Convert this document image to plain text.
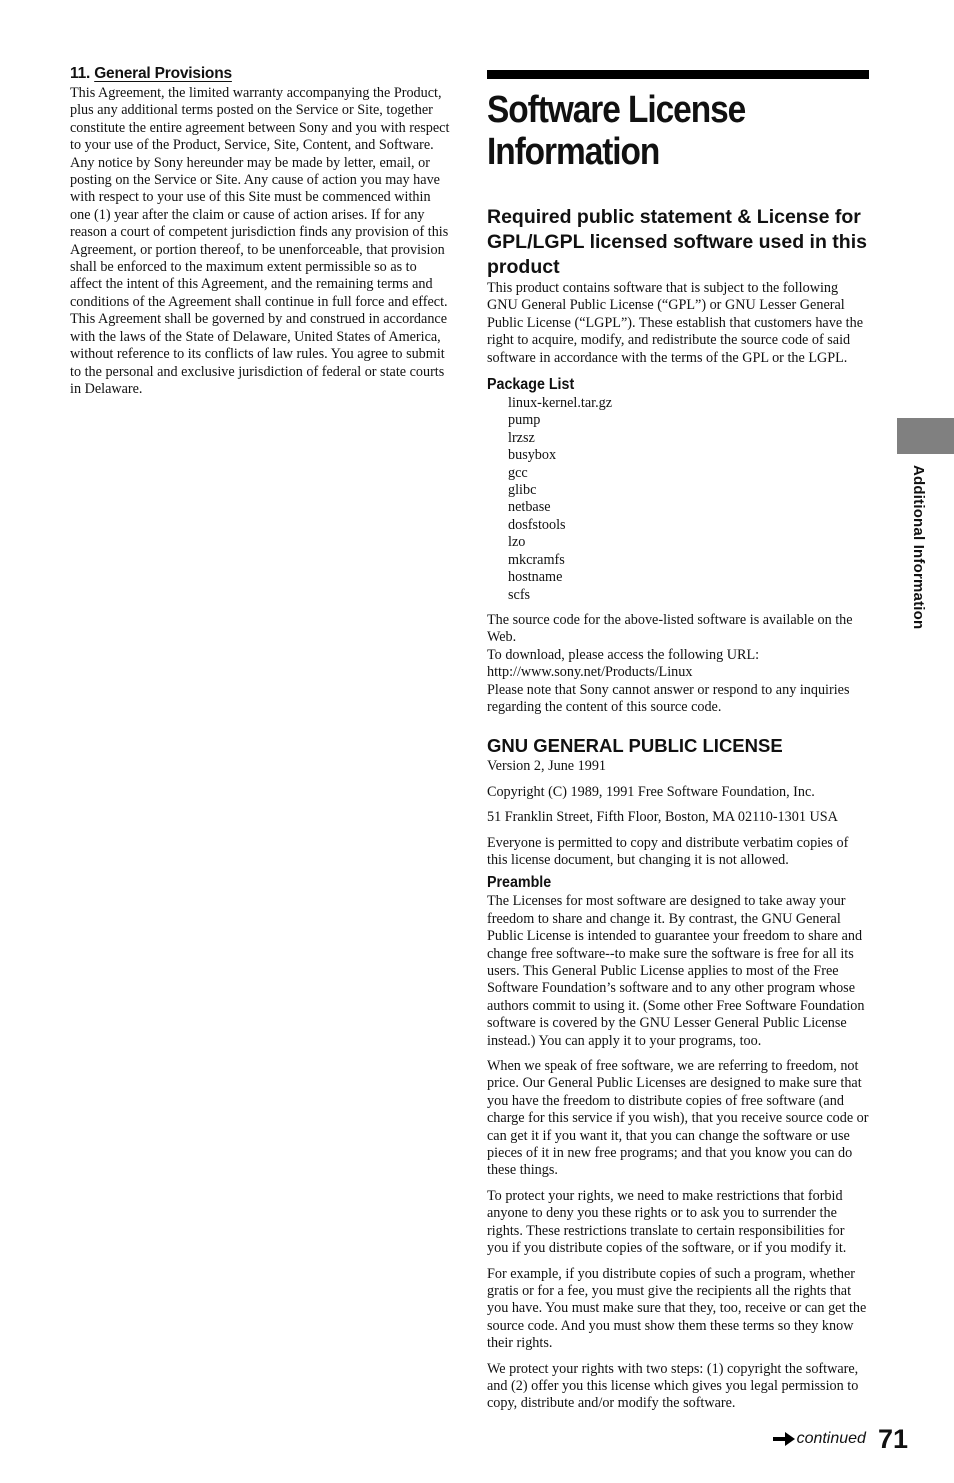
11. General Provisions

This Agreement, the limited warranty accompanying the Product, plus any additional terms posted on the Service or Site, together constitute the entire agreement between Sony and you with respect to your use of the Product, Service, Site, Content, and Software. Any notice by Sony hereunder may be made by letter, email, or posting on the Service or Site. Any cause of action you may have with respect to your use of this Site must be commenced within one (1) year after the claim or cause of action arises. If for any reason a court of competent jurisdiction finds any provision of this Agreement, or portion thereof, to be unenforceable, that provision shall be enforced to the maximum extent permissible so as to affect the intent of this Agreement, and the remaining terms and conditions of the Agreement shall continue in full force and effect. This Agreement shall be governed by and construed in accordance with the laws of the State of Delaware, United States of America, without reference to its conflicts of law rules. You agree to submit to the personal and exclusive jurisdiction of federal or state courts in Delaware.

Software License
Information
Required public statement & License for GPL/LGPL licensed software used in this product

This product contains software that is subject to the following GNU General Public License (“GPL”) or GNU Lesser General Public License (“LGPL”). These establish that customers have the right to acquire, modify, and redistribute the source code of said software in accordance with the terms of the GPL or the LGPL.

Package List
linux-kernel.tar.gz
pump
lrzsz
busybox
gcc
glibc
netbase
dosfstools
lzo
mkcramfs
hostname
scfs

The source code for the above-listed software is available on the Web.

To download, please access the following URL:

http://www.sony.net/Products/Linux

Please note that Sony cannot answer or respond to any inquiries regarding the content of this source code.

GNU GENERAL PUBLIC LICENSE

Version 2, June 1991

Copyright (C) 1989, 1991 Free Software Foundation, Inc.

51 Franklin Street, Fifth Floor, Boston, MA 02110-1301 USA

Everyone is permitted to copy and distribute verbatim copies of this license document, but changing it is not allowed.

Preamble

The Licenses for most software are designed to take away your freedom to share and change it. By contrast, the GNU General Public License is intended to guarantee your freedom to share and change free software--to make sure the software is free for all its users. This General Public License applies to most of the Free Software Foundation’s software and to any other program whose authors commit to using it. (Some other Free Software Foundation software is covered by the GNU Lesser General Public License instead.) You can apply it to your programs, too.

When we speak of free software, we are referring to freedom, not price. Our General Public Licenses are designed to make sure that you have the freedom to distribute copies of free software (and charge for this service if you wish), that you receive source code or can get it if you want it, that you can change the software or use pieces of it in new free programs; and that you know you can do these things.

To protect your rights, we need to make restrictions that forbid anyone to deny you these rights or to ask you to surrender the rights. These restrictions translate to certain responsibilities for you if you distribute copies of the software, or if you modify it.

For example, if you distribute copies of such a program, whether gratis or for a fee, you must give the recipients all the rights that you have. You must make sure that they, too, receive or can get the source code. And you must show them these terms so they know their rights.

We protect your rights with two steps: (1) copyright the software, and (2) offer you this license which gives you legal permission to copy, distribute and/or modify the software.

Additional Information
continued 71
